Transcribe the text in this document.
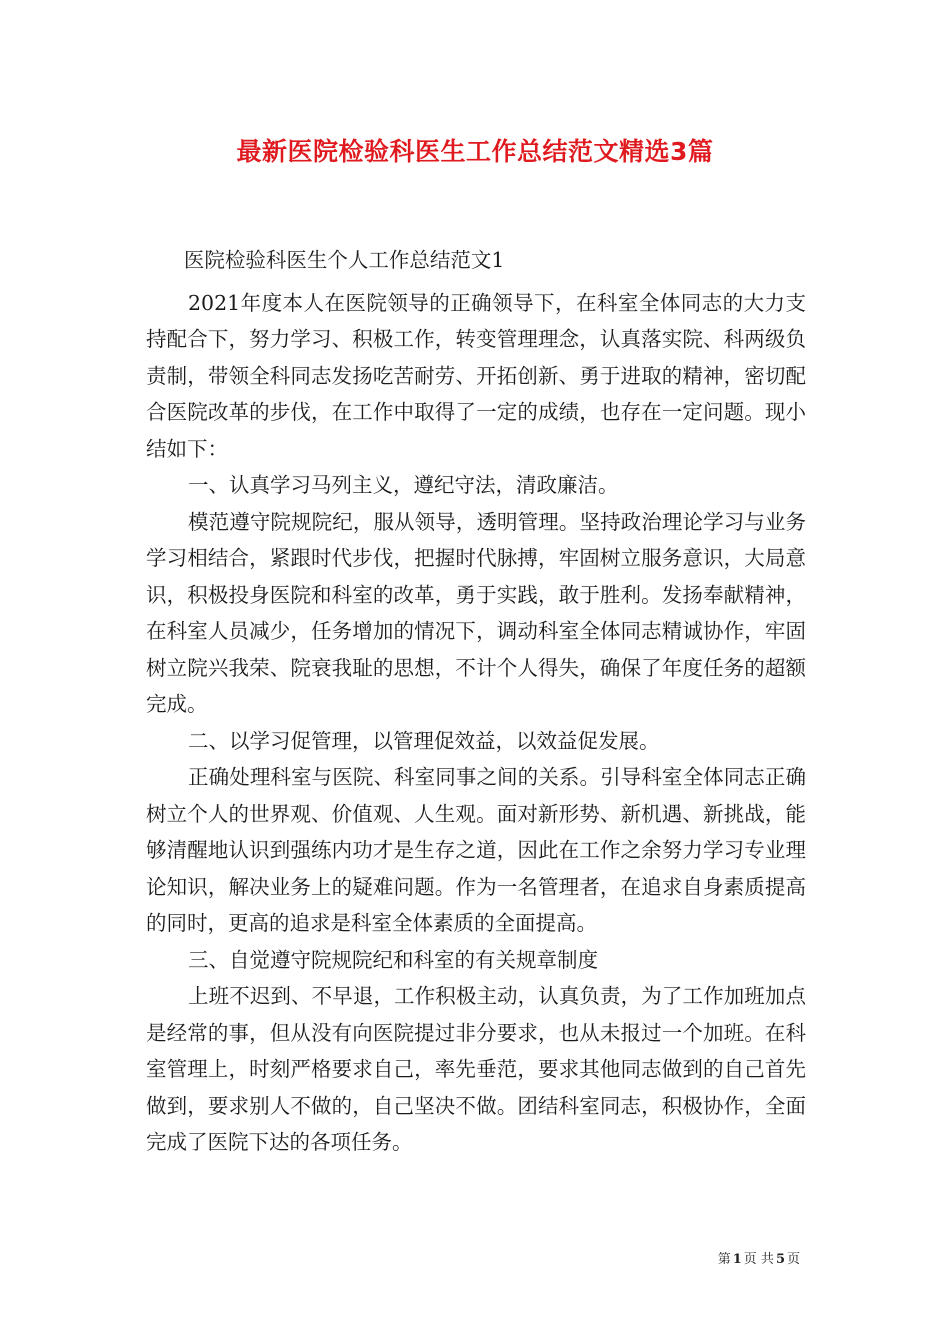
最新医院检验科医生工作总结范文精选3篇

医院检验科医生个人工作总结范文1

2021年度本人在医院领导的正确领导下，在科室全体同志的大力支持配合下，努力学习、积极工作，转变管理理念，认真落实院、科两级负责制，带领全科同志发扬吃苦耐劳、开拓创新、勇于进取的精神，密切配合医院改革的步伐，在工作中取得了一定的成绩，也存在一定问题。现小结如下：

一、认真学习马列主义，遵纪守法，清政廉洁。

模范遵守院规院纪，服从领导，透明管理。坚持政治理论学习与业务学习相结合，紧跟时代步伐，把握时代脉搏，牢固树立服务意识，大局意识，积极投身医院和科室的改革，勇于实践，敢于胜利。发扬奉献精神，在科室人员减少，任务增加的情况下，调动科室全体同志精诚协作，牢固树立院兴我荣、院衰我耻的思想，不计个人得失，确保了年度任务的超额完成。

二、以学习促管理，以管理促效益，以效益促发展。

正确处理科室与医院、科室同事之间的关系。引导科室全体同志正确树立个人的世界观、价值观、人生观。面对新形势、新机遇、新挑战，能够清醒地认识到强练内功才是生存之道，因此在工作之余努力学习专业理论知识，解决业务上的疑难问题。作为一名管理者，在追求自身素质提高的同时，更高的追求是科室全体素质的全面提高。

三、自觉遵守院规院纪和科室的有关规章制度

上班不迟到、不早退，工作积极主动，认真负责，为了工作加班加点是经常的事，但从没有向医院提过非分要求，也从未报过一个加班。在科室管理上，时刻严格要求自己，率先垂范，要求其他同志做到的自己首先做到，要求别人不做的，自己坚决不做。团结科室同志，积极协作，全面完成了医院下达的各项任务。

第 1 页 共 5 页
